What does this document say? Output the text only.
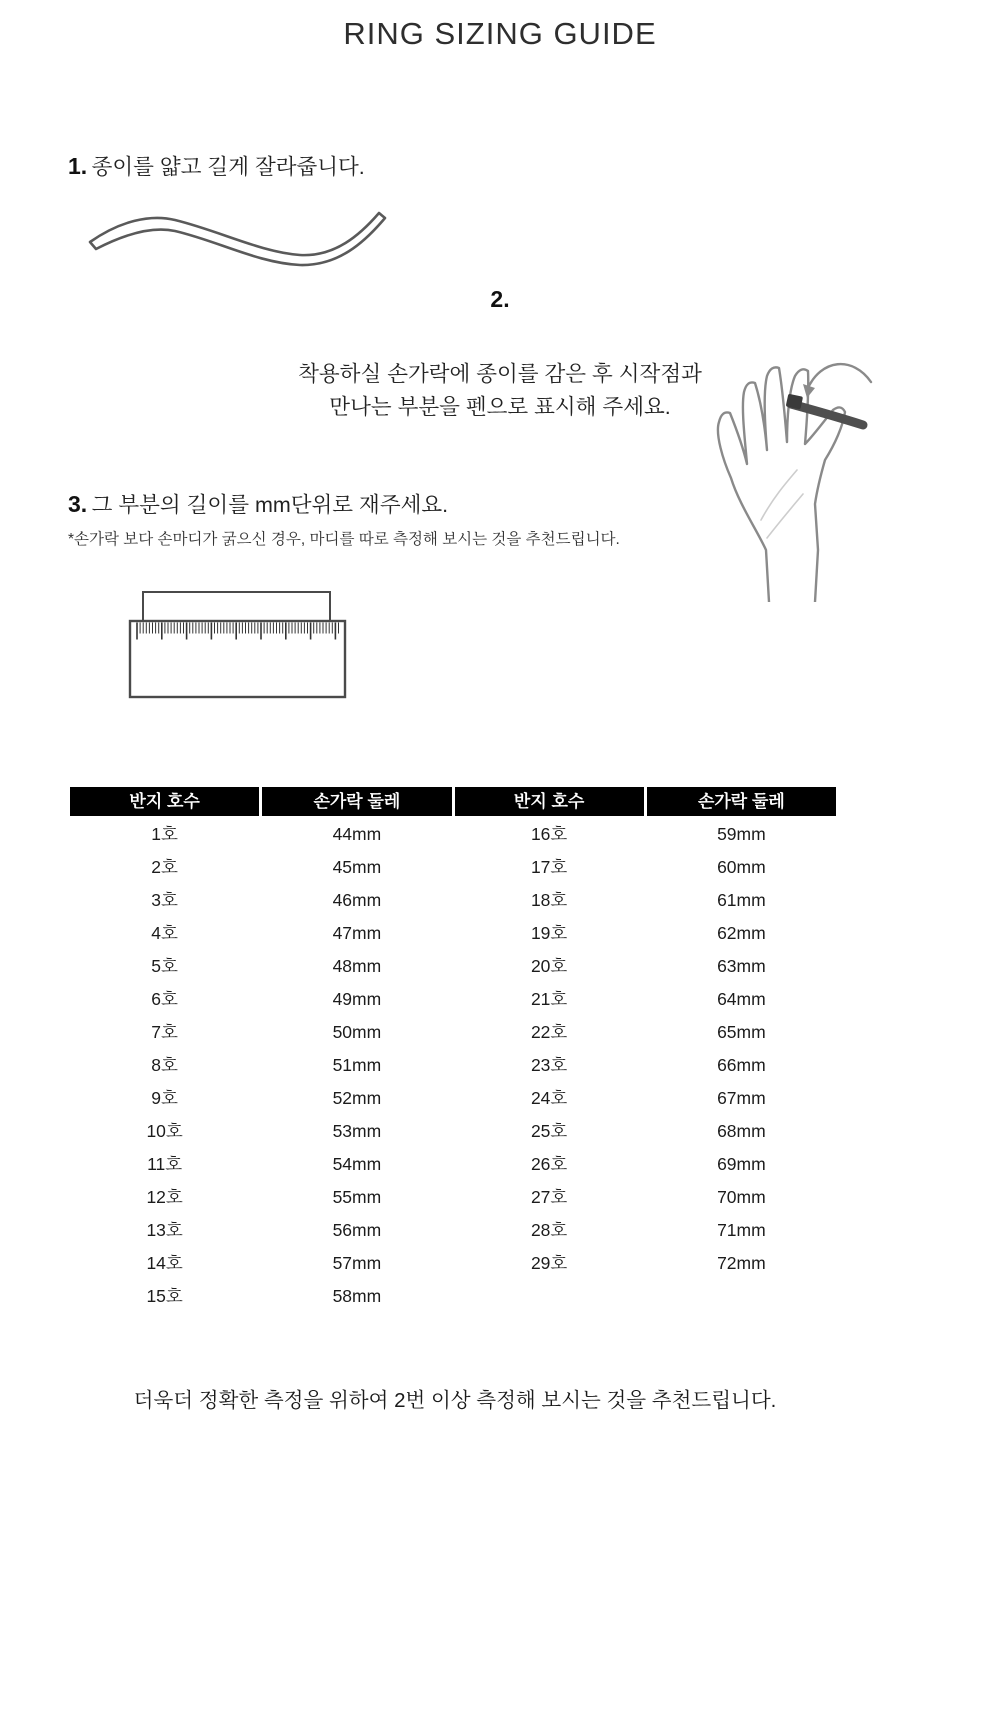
RING SIZING GUIDE
1. 종이를 얇고 길게 잘라줍니다.
2.
착용하실 손가락에 종이를 감은 후 시작점과
만나는 부분을 펜으로 표시해 주세요.
3. 그 부분의 길이를 mm단위로 재주세요.
*손가락 보다 손마디가 굵으신 경우, 마디를 따로 측정해 보시는 것을 추천드립니다.
반지 호수	손가락 둘레	반지 호수	손가락 둘레
1호	44mm	16호	59mm
2호	45mm	17호	60mm
3호	46mm	18호	61mm
4호	47mm	19호	62mm
5호	48mm	20호	63mm
6호	49mm	21호	64mm
7호	50mm	22호	65mm
8호	51mm	23호	66mm
9호	52mm	24호	67mm
10호	53mm	25호	68mm
11호	54mm	26호	69mm
12호	55mm	27호	70mm
13호	56mm	28호	71mm
14호	57mm	29호	72mm
15호	58mm
더욱더 정확한 측정을 위하여 2번 이상 측정해 보시는 것을 추천드립니다.
